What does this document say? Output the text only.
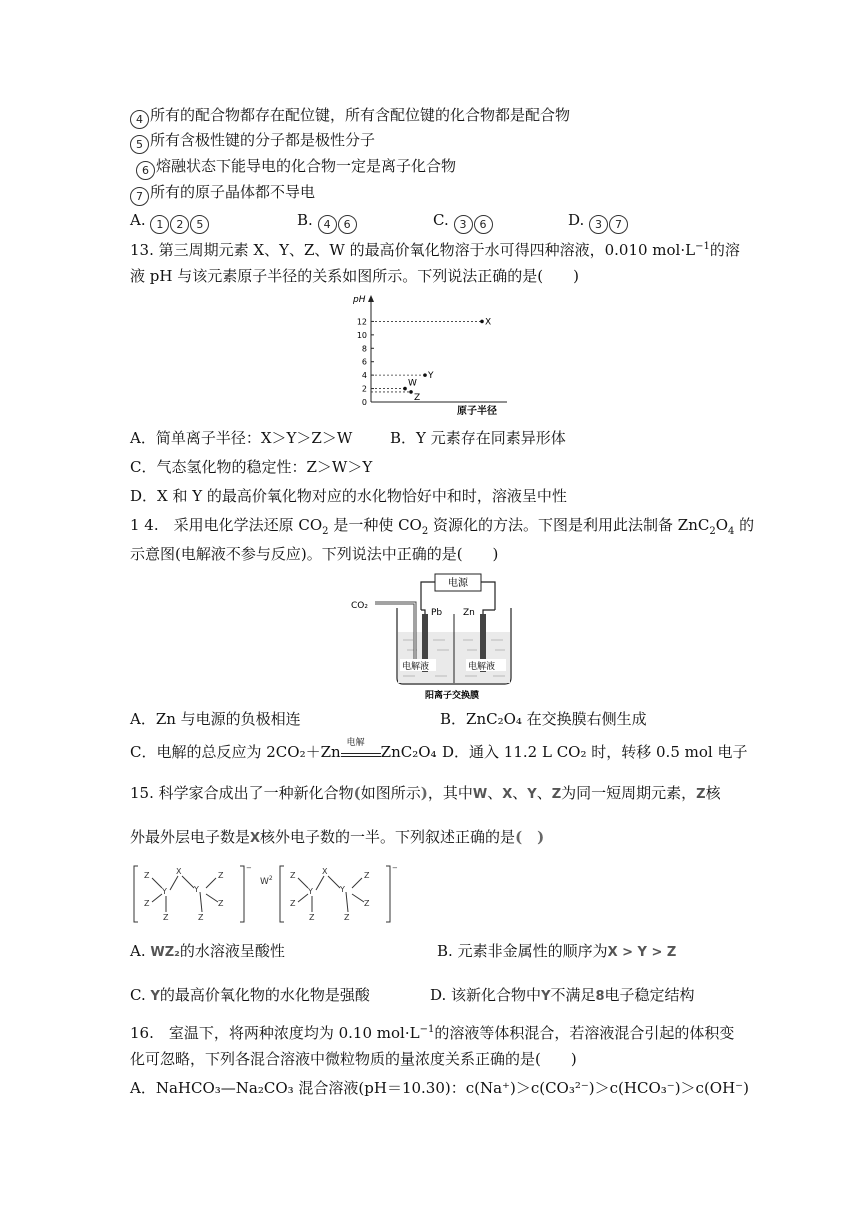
4 所有的配合物都存在配位键，所有含配位键的化合物都是配合物
5 所有含极性键的分子都是极性分子
6 熔融状态下能导电的化合物一定是离子化合物
7 所有的原子晶体都不导电
A. 1 2 5	B. 4 6	C. 3 6	D. 3 7
13. 第三周期元素 X、Y、Z、W 的最高价氧化物溶于水可得四种溶液，0.010 $mol\cdot L^{-1}$的溶
液 pH 与该元素原子半径的关系如图所示。下列说法正确的是(　　)
pH
原子半径
0
2
4
6
8
10
12	X
Y
W
Z
A．简单离子半径：X＞Y＞Z＞W	B．Y 元素存在同素异形体
C．气态氢化物的稳定性：Z＞W＞Y
D．X 和 Y 的最高价氧化物对应的水化物恰好中和时，溶液呈中性
1 4.　采用电化学法还原 $CO_2$ 是一种使 $CO_2$ 资源化的方法。下图是利用此法制备 $ZnC_2O_4$ 的
示意图(电解液不参与反应)。下列说法中正确的是(　　)
电源
Pb Zn
CO₂
电解液	电解液
阳离子交换膜
A．Zn 与电源的负极相连	B．ZnC₂O₄ 在交换膜右侧生成
C．电解的总反应为 2CO₂＋Zn 电解 ZnC₂O₄ D．通入 11.2 L CO₂ 时，转移 0.5 mol 电子
15. 科学家合成出了一种新化合物(如图所示)，其中W、X、Y、Z为同一短周期元素，Z核
外最外层电子数是X核外电子数的一半。下列叙述正确的是(　)
Z
Z
Y
Z
X
Y
Z
Z
Z
−
$W^2$ Z
Z
Y
Z
X
Y
Z
Z
Z
−
A. WZ₂的水溶液呈酸性	B. 元素非金属性的顺序为X > Y > Z
C. Y的最高价氧化物的水化物是强酸	D. 该新化合物中Y不满足8电子稳定结构
16.　室温下，将两种浓度均为 0.10 $mol\cdot L^{-1}$的溶液等体积混合，若溶液混合引起的体积变
化可忽略，下列各混合溶液中微粒物质的量浓度关系正确的是(　　)
A．NaHCO₃—Na₂CO₃ 混合溶液(pH＝10.30)：c(Na⁺)＞c(CO₃²⁻)＞c(HCO₃⁻)＞c(OH⁻)
